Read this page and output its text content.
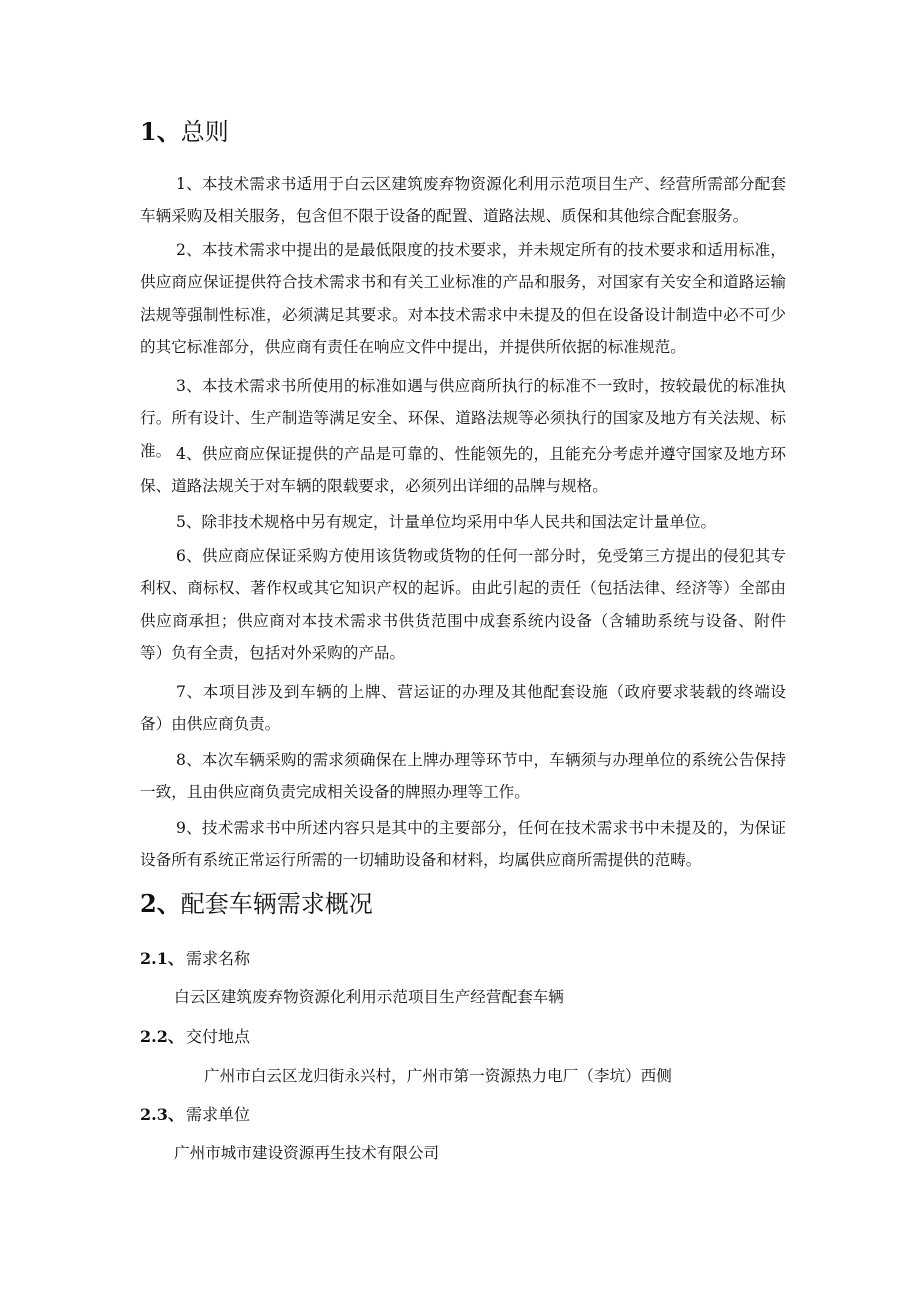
1、总则

1、本技术需求书适用于白云区建筑废弃物资源化利用示范项目生产、经营所需部分配套车辆采购及相关服务，包含但不限于设备的配置、道路法规、质保和其他综合配套服务。

2、本技术需求中提出的是最低限度的技术要求，并未规定所有的技术要求和适用标准，供应商应保证提供符合技术需求书和有关工业标准的产品和服务，对国家有关安全和道路运输法规等强制性标准，必须满足其要求。对本技术需求中未提及的但在设备设计制造中必不可少的其它标准部分，供应商有责任在响应文件中提出，并提供所依据的标准规范。

3、本技术需求书所使用的标准如遇与供应商所执行的标准不一致时，按较最优的标准执行。所有设计、生产制造等满足安全、环保、道路法规等必须执行的国家及地方有关法规、标准。 4、供应商应保证提供的产品是可靠的、性能领先的，且能充分考虑并遵守国家及地方环保、道路法规关于对车辆的限载要求，必须列出详细的品牌与规格。

5、除非技术规格中另有规定，计量单位均采用中华人民共和国法定计量单位。

6、供应商应保证采购方使用该货物或货物的任何一部分时，免受第三方提出的侵犯其专利权、商标权、著作权或其它知识产权的起诉。由此引起的责任（包括法律、经济等）全部由供应商承担；供应商对本技术需求书供货范围中成套系统内设备（含辅助系统与设备、附件等）负有全责，包括对外采购的产品。

7、本项目涉及到车辆的上牌、营运证的办理及其他配套设施（政府要求装载的终端设备）由供应商负责。

8、本次车辆采购的需求须确保在上牌办理等环节中，车辆须与办理单位的系统公告保持一致，且由供应商负责完成相关设备的牌照办理等工作。

9、技术需求书中所述内容只是其中的主要部分，任何在技术需求书中未提及的，为保证设备所有系统正常运行所需的一切辅助设备和材料，均属供应商所需提供的范畴。

2、配套车辆需求概况
2.1、 需求名称
白云区建筑废弃物资源化利用示范项目生产经营配套车辆
2.2、 交付地点
广州市白云区龙归街永兴村，广州市第一资源热力电厂（李坑）西侧
2.3、 需求单位
广州市城市建设资源再生技术有限公司
